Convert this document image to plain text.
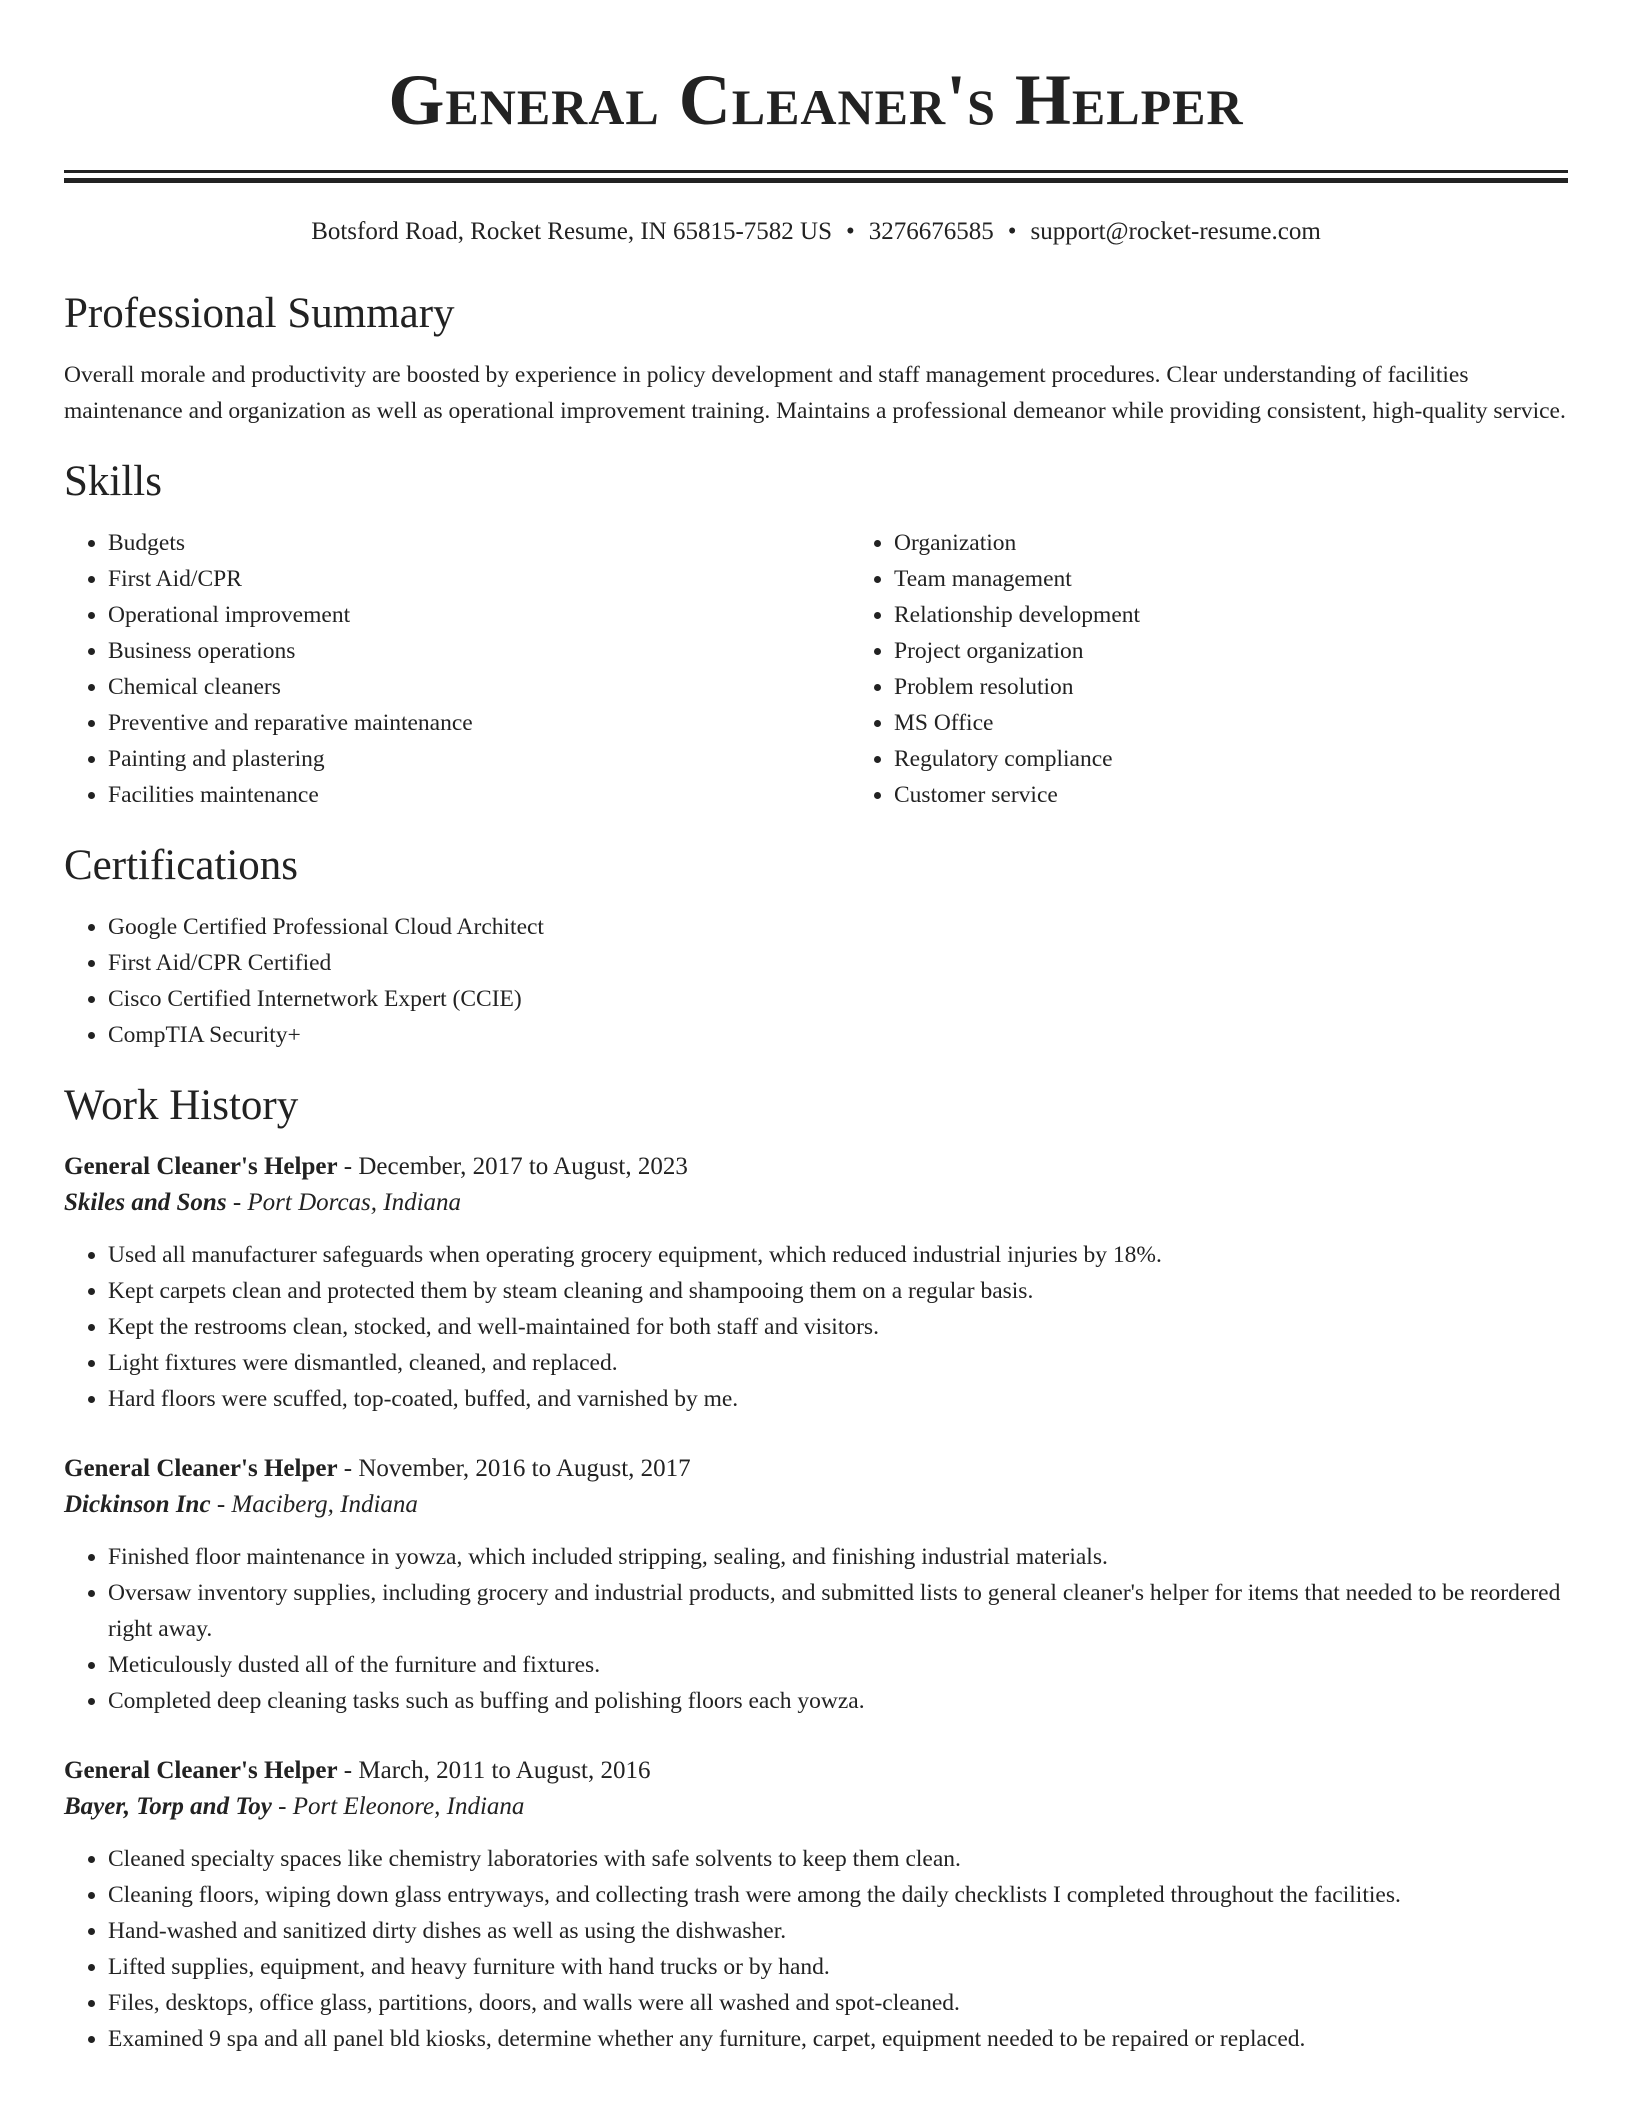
General Cleaner's Helper
Botsford Road, Rocket Resume, IN 65815-7582 US • 3276676585 • support@rocket-resume.com
Professional Summary

Overall morale and productivity are boosted by experience in policy development and staff management procedures. Clear understanding of facilities maintenance and organization as well as operational improvement training. Maintains a professional demeanor while providing consistent, high-quality service.

Skills
• Budgets
• First Aid/CPR
• Operational improvement
• Business operations
• Chemical cleaners
• Preventive and reparative maintenance
• Painting and plastering
• Facilities maintenance
• Organization
• Team management
• Relationship development
• Project organization
• Problem resolution
• MS Office
• Regulatory compliance
• Customer service
Certifications
• Google Certified Professional Cloud Architect
• First Aid/CPR Certified
• Cisco Certified Internetwork Expert (CCIE)
• CompTIA Security+
Work History
General Cleaner's Helper - December, 2017 to August, 2023
Skiles and Sons - Port Dorcas, Indiana
• Used all manufacturer safeguards when operating grocery equipment, which reduced industrial injuries by 18%.
• Kept carpets clean and protected them by steam cleaning and shampooing them on a regular basis.
• Kept the restrooms clean, stocked, and well-maintained for both staff and visitors.
• Light fixtures were dismantled, cleaned, and replaced.
• Hard floors were scuffed, top-coated, buffed, and varnished by me.
General Cleaner's Helper - November, 2016 to August, 2017
Dickinson Inc - Maciberg, Indiana
• Finished floor maintenance in yowza, which included stripping, sealing, and finishing industrial materials.
• Oversaw inventory supplies, including grocery and industrial products, and submitted lists to general cleaner's helper for items that needed to be reordered right away.
• Meticulously dusted all of the furniture and fixtures.
• Completed deep cleaning tasks such as buffing and polishing floors each yowza.
General Cleaner's Helper - March, 2011 to August, 2016
Bayer, Torp and Toy - Port Eleonore, Indiana
• Cleaned specialty spaces like chemistry laboratories with safe solvents to keep them clean.
• Cleaning floors, wiping down glass entryways, and collecting trash were among the daily checklists I completed throughout the facilities.
• Hand-washed and sanitized dirty dishes as well as using the dishwasher.
• Lifted supplies, equipment, and heavy furniture with hand trucks or by hand.
• Files, desktops, office glass, partitions, doors, and walls were all washed and spot-cleaned.
• Examined 9 spa and all panel bld kiosks, determine whether any furniture, carpet, equipment needed to be repaired or replaced.
